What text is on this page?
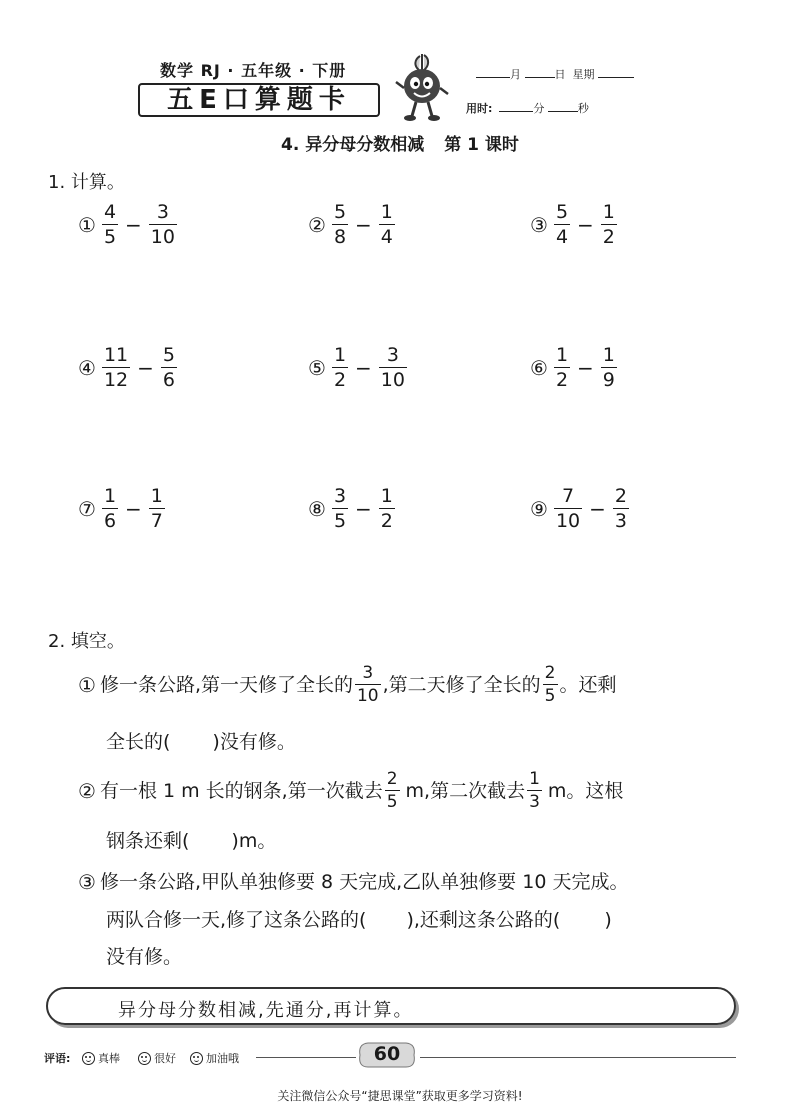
数学 RJ · 五年级 · 下册
五E口算题卡
月	日 星期
用时:	分	秒
4. 异分母分数相减 第 1 课时
1. 计算。
① $\frac{4}{5} - \frac{3}{10}$	② $\frac{5}{8} - \frac{1}{4}$	③ $\frac{5}{4} - \frac{1}{2}$
④ $\frac{11}{12} - \frac{5}{6}$	⑤ $\frac{1}{2} - \frac{3}{10}$	⑥ $\frac{1}{2} - \frac{1}{9}$
⑦ $\frac{1}{6} - \frac{1}{7}$	⑧ $\frac{3}{5} - \frac{1}{2}$	⑨ $\frac{7}{10} - \frac{2}{3}$
2. 填空。
① 修一条公路,第一天修了全长的 $\frac{3}{10}$ ,第二天修了全长的 $\frac{2}{5}$ 。还剩
全长的( )没有修。
② 有一根 1 m 长的钢条,第一次截去 $\frac{2}{5} m$,第二次截去 $\frac{1}{3}$ m。这根
钢条还剩( )m。
③ 修一条公路,甲队单独修要 8 天完成,乙队单独修要 10 天完成。
两队合修一天,修了这条公路的( ),还剩这条公路的( )
没有修。
异分母分数相减,先通分,再计算。
评语:	真棒	很好	加油哦	60
关注微信公众号“捷思课堂”获取更多学习资料!
